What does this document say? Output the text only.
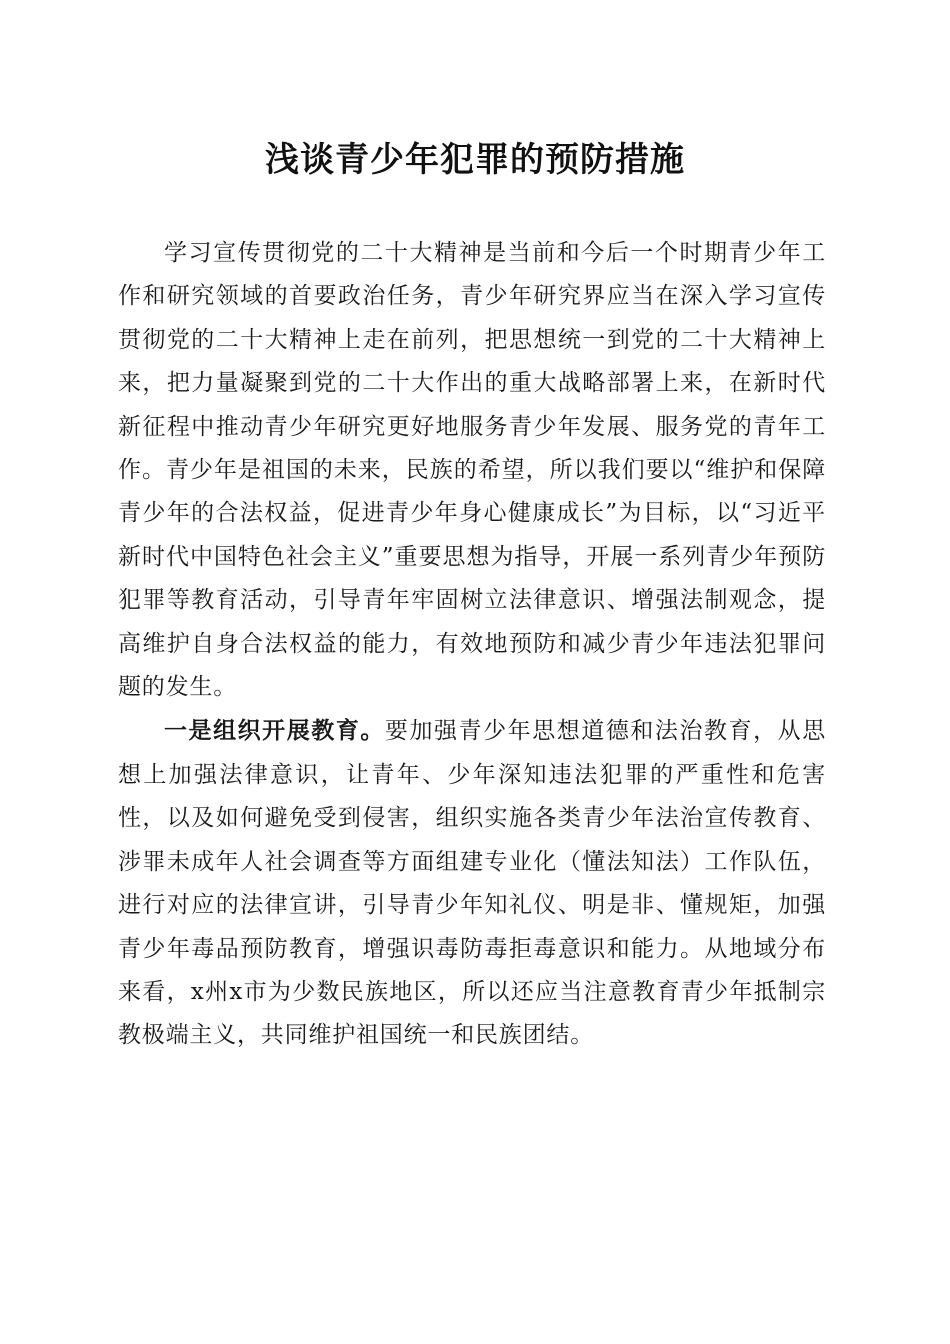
浅谈青少年犯罪的预防措施

学习宣传贯彻党的二十大精神是当前和今后一个时期青少年工作和研究领域的首要政治任务，青少年研究界应当在深入学习宣传贯彻党的二十大精神上走在前列，把思想统一到党的二十大精神上来，把力量凝聚到党的二十大作出的重大战略部署上来，在新时代新征程中推动青少年研究更好地服务青少年发展、服务党的青年工作。青少年是祖国的未来，民族的希望，所以我们要以“维护和保障青少年的合法权益，促进青少年身心健康成长”为目标，以“习近平新时代中国特色社会主义”重要思想为指导，开展一系列青少年预防犯罪等教育活动，引导青年牢固树立法律意识、增强法制观念，提高维护自身合法权益的能力，有效地预防和减少青少年违法犯罪问题的发生。

一是组织开展教育。要加强青少年思想道德和法治教育，从思想上加强法律意识，让青年、少年深知违法犯罪的严重性和危害性，以及如何避免受到侵害，组织实施各类青少年法治宣传教育、涉罪未成年人社会调查等方面组建专业化（懂法知法）工作队伍，进行对应的法律宣讲，引导青少年知礼仪、明是非、懂规矩，加强青少年毒品预防教育，增强识毒防毒拒毒意识和能力。从地域分布来看，x州x市为少数民族地区，所以还应当注意教育青少年抵制宗教极端主义，共同维护祖国统一和民族团结。
